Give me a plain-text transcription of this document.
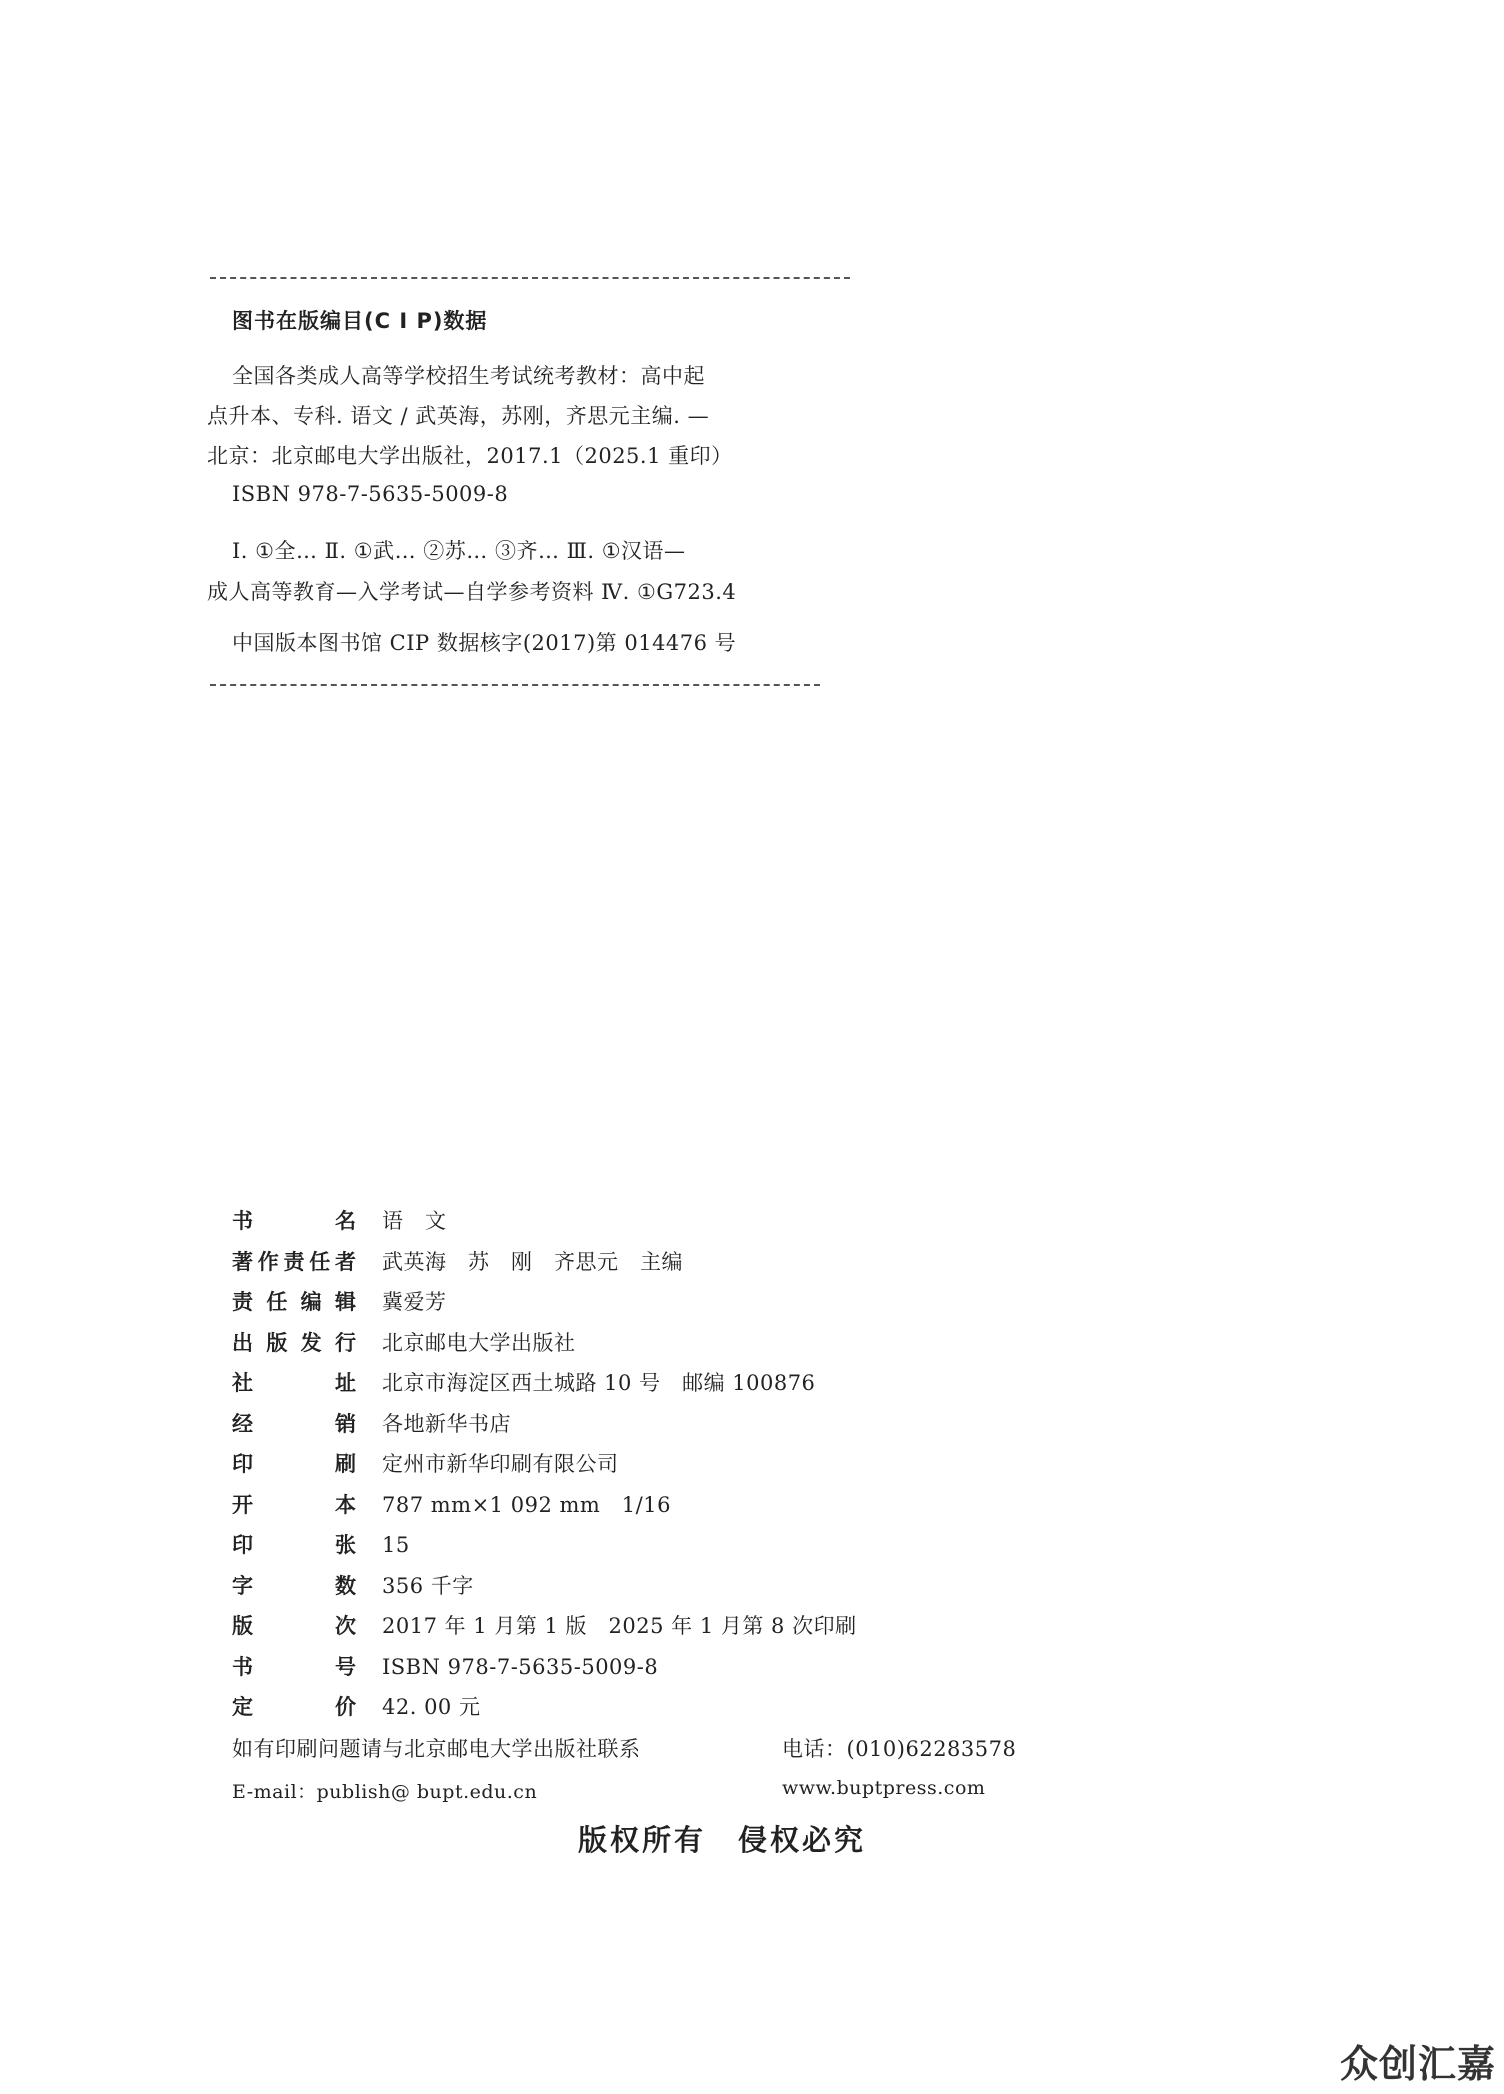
图书在版编目(C I P)数据
全国各类成人高等学校招生考试统考教材：高中起
点升本、专科. 语文 / 武英海，苏刚，齐思元主编. —
北京：北京邮电大学出版社，2017.1（2025.1 重印）
ISBN 978-7-5635-5009-8
Ⅰ. ①全… Ⅱ. ①武… ②苏… ③齐… Ⅲ. ①汉语—
成人高等教育—入学考试—自学参考资料 Ⅳ. ①G723.4
中国版本图书馆 CIP 数据核字(2017)第 014476 号
书	名 语　文
著 作 责 任 者 武英海　苏　刚　齐思元　主编
责 任 编 辑 冀爱芳
出 版 发 行 北京邮电大学出版社
社	址 北京市海淀区西土城路 10 号　邮编 100876
经	销 各地新华书店
印	刷 定州市新华印刷有限公司
开	本 787 mm×1 092 mm　1/16
印	张 15
字	数 356 千字
版	次 2017 年 1 月第 1 版　2025 年 1 月第 8 次印刷
书	号 ISBN 978-7-5635-5009-8
定	价 42. 00 元
如有印刷问题请与北京邮电大学出版社联系	电话：(010)62283578
E-mail：publish@ bupt.edu.cn	www.buptpress.com
版权所有　侵权必究
众创汇嘉
